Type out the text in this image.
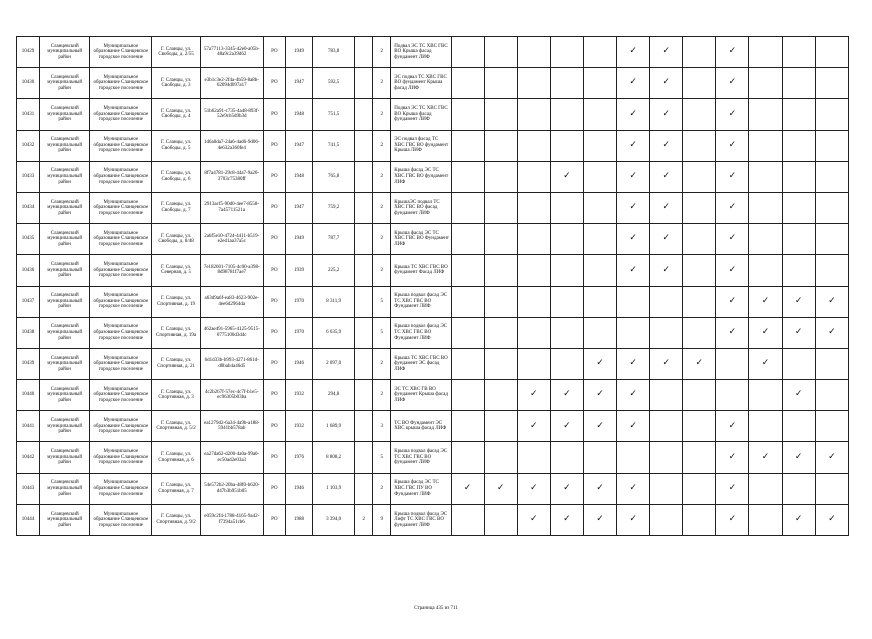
10429	Сланцевский муниципальный район	Муниципальное образование Сланцевское городское поселение	Г. Сланцы, ул. Свободы, д. 2/55	57a77113-3345-42e0-a05b-48a9c2a39d62	РО	1949	783,8		2	Подвал ЭС ТС ХВС ГВС ВО Крыша фасад фундамент ЛИФ						✓	✓		✓			
10430	Сланцевский муниципальный район	Муниципальное образование Сланцевское городское поселение	Г. Сланцы, ул. Свободы, д. 3	e3b1c3e2-2f4a-4b59-8a8b-62094d097a17	РО	1947	592,5		2	ЭС подвал ТС ХВС ГВС ВО фундамент Крыша фасад ЛИФ						✓	✓		✓			
10431	Сланцевский муниципальный район	Муниципальное образование Сланцевское городское поселение	Г. Сланцы, ул. Свободы, д. 4	51b62a91-c735-4a48-893f-52e9cb5d9b3d	РО	1948	751,5		2	Подвал ЭС ТС ХВС ГВС ВО Крыша фасад фундамент ЛИФ						✓	✓		✓			
10432	Сланцевский муниципальный район	Муниципальное образование Сланцевское городское поселение	Г. Сланцы, ул. Свободы, д. 5	1d6a0da7-24a6-4ad6-9d06-4e632a360fe4	РО	1947	741,5		2	ЭС подвал фасад ТС ХВС ГВС ВО фундамент Крыша ЛИФ						✓	✓		✓			
10433	Сланцевский муниципальный район	Муниципальное образование Сланцевское городское поселение	Г. Сланцы, ул. Свободы, д. 6	8f7a4781-29c8-44a7-9a26-3703c75380ff	РО	1948	765,8		2	Крыша фасад ЭС ТС ХВС ГВС ВО фундамент ЛИФ				✓		✓	✓		✓			
10434	Сланцевский муниципальный район	Муниципальное образование Сланцевское городское поселение	Г. Сланцы, ул. Свободы, д. 7	2913acf5-90d0-4ee7-8558-7a45711521a	РО	1947	759,2		2	КрышаЭС подвал ТС ХВС ГВС ВО фасад фундамент ЛИФ						✓	✓		✓			
10435	Сланцевский муниципальный район	Муниципальное образование Сланцевское городское поселение	Г. Сланцы, ул. Свободы, д. 8/48	2a6f5e10-4724-4411-b519-e2ed1aa37a5c	РО	1949	787,7		2	Крыша фасад ЭС ТС ХВС ГВС ВО Фундамент ЛИФ						✓	✓		✓			
10436	Сланцевский муниципальный район	Муниципальное образование Сланцевское городское поселение	Г. Сланцы, ул. Северная, д. 5	7e182601-7105-4c00-a398-8d98781f7ae7	РО	1939	225,2		2	Крыша ТС ХВС ГВС ВО фундамент Фасад ЛИФ						✓	✓		✓			
10437	Сланцевский муниципальный район	Муниципальное образование Сланцевское городское поселение	Г. Сланцы, ул. Спортивная, д. 19	a63d9a6f-ea83-4623-902e-4ee6d2964da	РО	1970	8 311,9		5	Крыша подвал фасад ЭС ТС ХВС ГВС ВО Фундамент ЛИФ									✓	✓	✓	✓
10438	Сланцевский муниципальный район	Муниципальное образование Сланцевское городское поселение	Г. Сланцы, ул. Спортивная, д. 19а	462ae491-5965-4125-9515-0775100d3d4c	РО	1970	6 635,9		5	Крыша подвал фасад ЭС ТС ХВС ГВС ВО Фундамент ЛИФ									✓	✓	✓	✓
10439	Сланцевский муниципальный район	Муниципальное образование Сланцевское городское поселение	Г. Сланцы, ул. Спортивная, д. 21	6d1d33b-b993-4271-861d-d0bab4a46d5	РО	1946	2 097,0		2	Крыша ТС ХВС ГВС ВО фундамент ЭС фасад ЛИФ					✓	✓	✓	✓		✓		
10440	Сланцевский муниципальный район	Муниципальное образование Сланцевское городское поселение	Г. Сланцы, ул. Спортивная, д. 3	4c2b267f-57ec-4c7f-b1e5-ec96305b03ba	РО	1932	294,8		2	ЭС ТС ХВС ГВ ВО фундамент Крыша фасад ЛИФ			✓	✓	✓	✓					✓	
10441	Сланцевский муниципальный район	Муниципальное образование Сланцевское городское поселение	Г. Сланцы, ул. Спортивная, д. 5/2	ea1279d2-6a34-4a9b-a188-5941bb578ab	РО	1932	1 689,9		3	ТС ВО Фундамент ЭС ХВС крыша фасад ЛИФ			✓	✓	✓	✓			✓			
10442	Сланцевский муниципальный район	Муниципальное образование Сланцевское городское поселение	Г. Сланцы, ул. Спортивная, д. 6	ea27da62-d200-4a0a-99a0-ec50ad2e03a3	РО	1976	8 808,2		5	Крыша подвал фасад ЭС ТС ХВС ГВС ВО фундамент ЛИФ									✓	✓	✓	✓
10443	Сланцевский муниципальный район	Муниципальное образование Сланцевское городское поселение	Г. Сланцы, ул. Спортивная, д. 7	54e572b2-20ba-48f0-b620-d47b3b951b05	РО	1946	1 103,9		2	Крыша фасад ЭС ТС ХВС ГВС ПУ ВО Фундамент ЛИФ	✓	✓	✓	✓	✓	✓			✓			
10444	Сланцевский муниципальный район	Муниципальное образование Сланцевское городское поселение	Г. Сланцы, ул. Спортивная, д. 9/2	e059c2f4-1788-4165-9a42-f7394a51cb6	РО	1988	3 394,0	2	9	Крыша подвал фасад ЭС Лифт ТС ХВС ГВС ВО фундамент ЛИФ			✓	✓	✓	✓			✓		✓	✓
Страница 435 из 711
